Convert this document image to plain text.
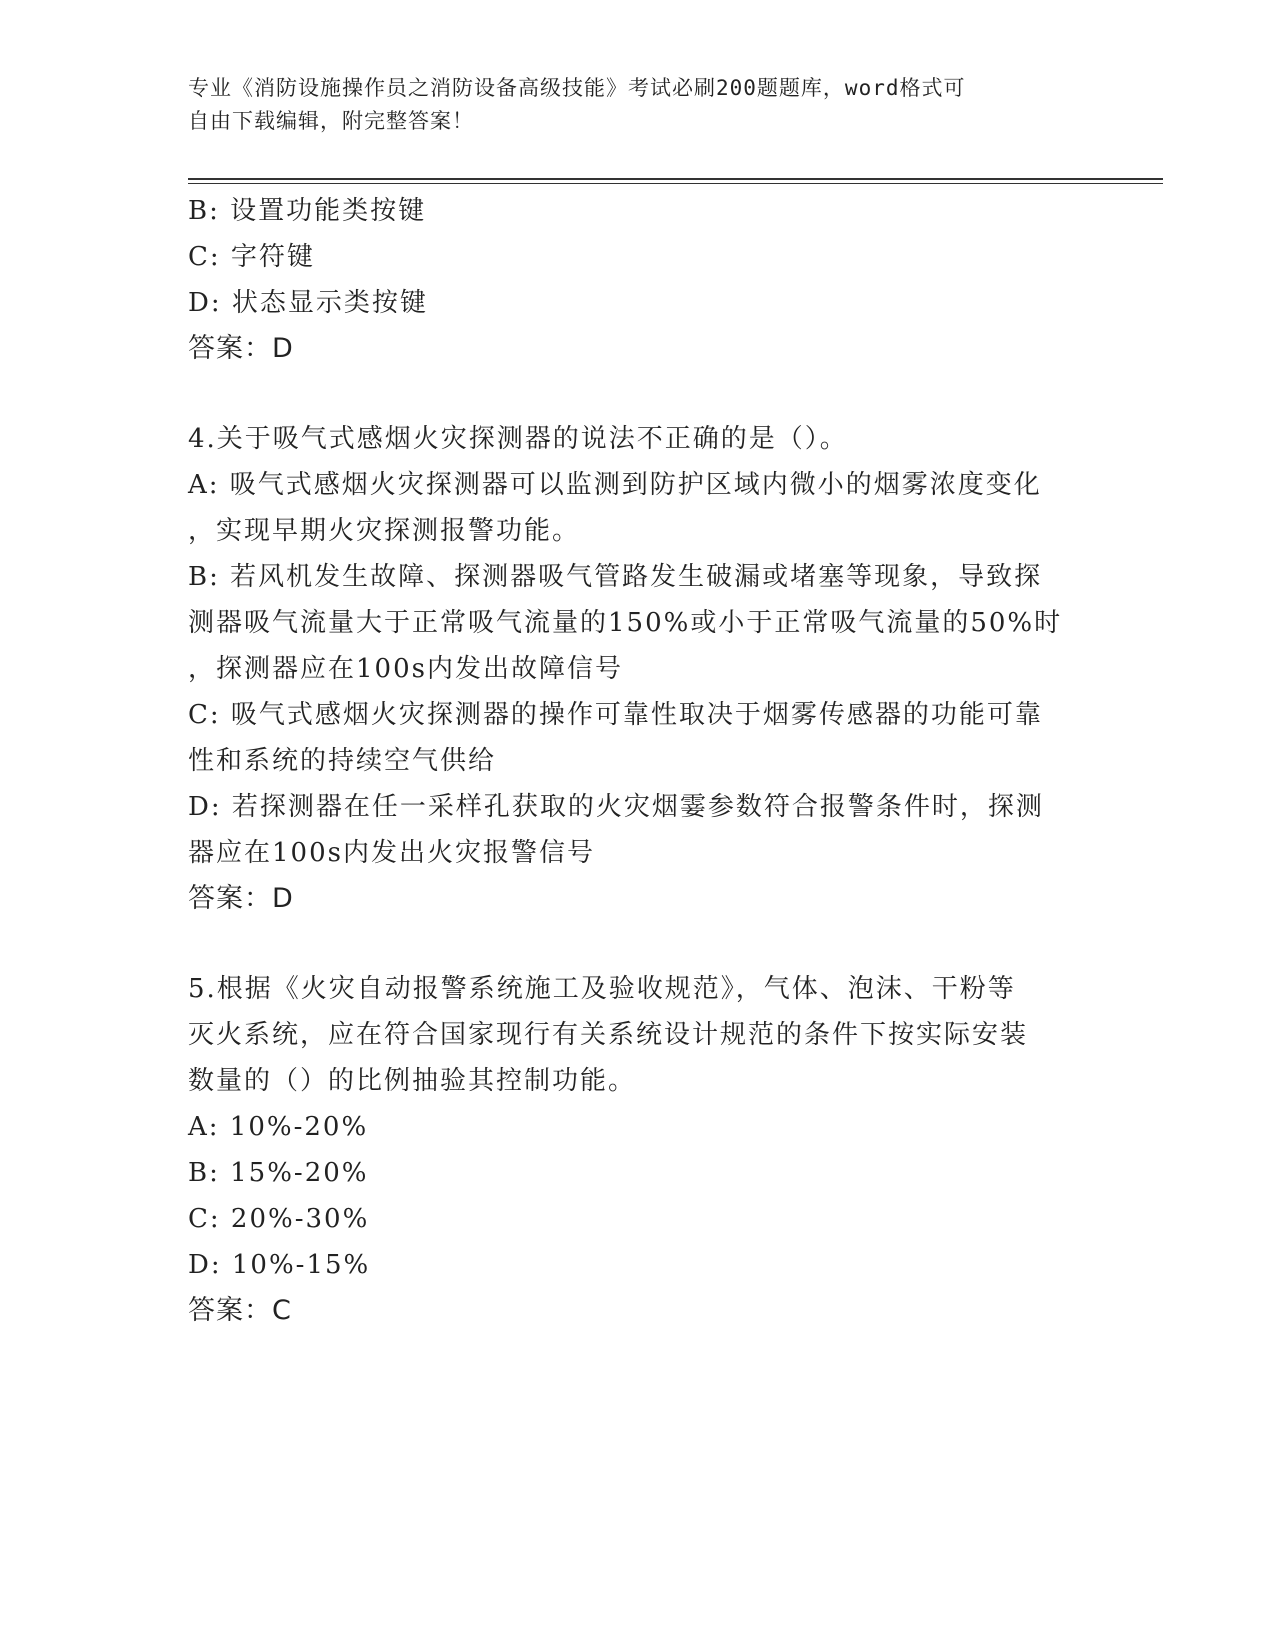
专业《消防设施操作员之消防设备高级技能》考试必刷200题题库，word格式可
自由下载编辑，附完整答案！
B: 设置功能类按键
C: 字符键
D: 状态显示类按键
答案：D
4.关于吸气式感烟火灾探测器的说法不正确的是（）。
A: 吸气式感烟火灾探测器可以监测到防护区域内微小的烟雾浓度变化
，实现早期火灾探测报警功能。
B: 若风机发生故障、探测器吸气管路发生破漏或堵塞等现象，导致探
测器吸气流量大于正常吸气流量的150%或小于正常吸气流量的50%时
，探测器应在100s内发出故障信号
C: 吸气式感烟火灾探测器的操作可靠性取决于烟雾传感器的功能可靠
性和系统的持续空气供给
D: 若探测器在任一采样孔获取的火灾烟霎参数符合报警条件时，探测
器应在100s内发出火灾报警信号
答案：D
5.根据《火灾自动报警系统施工及验收规范》，气体、泡沫、干粉等
灭火系统，应在符合国家现行有关系统设计规范的条件下按实际安装
数量的（）的比例抽验其控制功能。
A: 10%-20%
B: 15%-20%
C: 20%-30%
D: 10%-15%
答案：C
